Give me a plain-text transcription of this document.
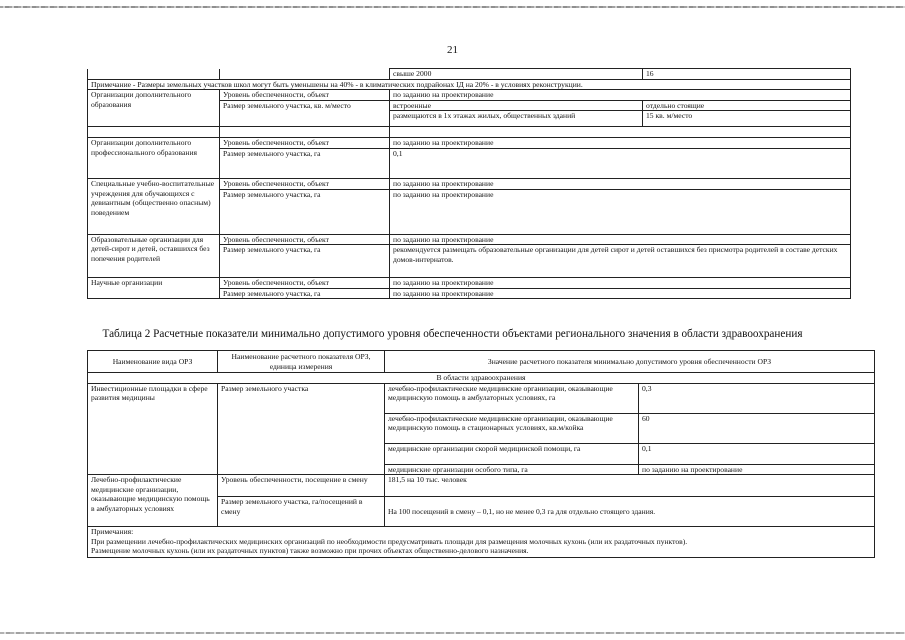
21
		свыше 2000	16
Примечание - Размеры земельных участков школ могут быть уменьшены на 40% - в климатических подрайонах IД на 20% - в условиях реконструкции.			
Организации дополнительного образования	Уровень обеспеченности, объект	по заданию на проектирование	
	Размер земельного участка, кв. м/место	встроенные	отдельно стоящие
		размещаются в 1х этажах жилых, общественных зданий	15 кв. м/место

Организации дополнительного профессионального образования	Уровень обеспеченности, объект	по заданию на проектирование	
	Размер земельного участка, га	0,1	
Специальные учебно-воспитательные учреждения для обучающихся с девиантным (общественно опасным) поведением	Уровень обеспеченности, объект	по заданию на проектирование	
	Размер земельного участка, га	по заданию на проектирование	
Образовательные организации для детей-сирот и детей, оставшихся без попечения родителей	Уровень обеспеченности, объект	по заданию на проектирование	
	Размер земельного участка, га	рекомендуется размещать образовательные организации для детей сирот и детей оставшихся без присмотра родителей в составе детских домов-интернатов.	
Научные организации	Уровень обеспеченности, объект	по заданию на проектирование	
	Размер земельного участка, га	по заданию на проектирование	
Таблица 2 Расчетные показатели минимально допустимого уровня обеспеченности объектами регионального значения в области здравоохранения
Наименование вида ОРЗ	Наименование расчетного показателя ОРЗ, единица измерения	Значение расчетного показателя минимально допустимого уровня обеспеченности ОРЗ	
В области здравоохранения			
Инвестиционные площадки в сфере развития медицины	Размер земельного участка	лечебно-профилактические медицинские организации, оказывающие медицинскую помощь в амбулаторных условиях, га	0,3
		лечебно-профилактические медицинские организации, оказывающие медицинскую помощь в стационарных условиях, кв.м/койка	60
		медицинские организации скорой медицинской помощи, га	0,1
		медицинские организации особого типа, га	по заданию на проектирование
Лечебно-профилактические медицинские организации, оказывающие медицинскую помощь в амбулаторных условиях	Уровень обеспеченности, посещение в смену	181,5 на 10 тыс. человек	
	Размер земельного участка, га/посещений в смену	На 100 посещений в смену – 0,1, но не менее 0,3 га для отдельно стоящего здания.	

Примечания:
При размещении лечебно-профилактических медицинских организаций по необходимости предусматривать площади для размещения молочных кухонь (или их раздаточных пунктов).
Размещение молочных кухонь (или их раздаточных пунктов) также возможно при прочих объектах общественно-делового назначения.			
